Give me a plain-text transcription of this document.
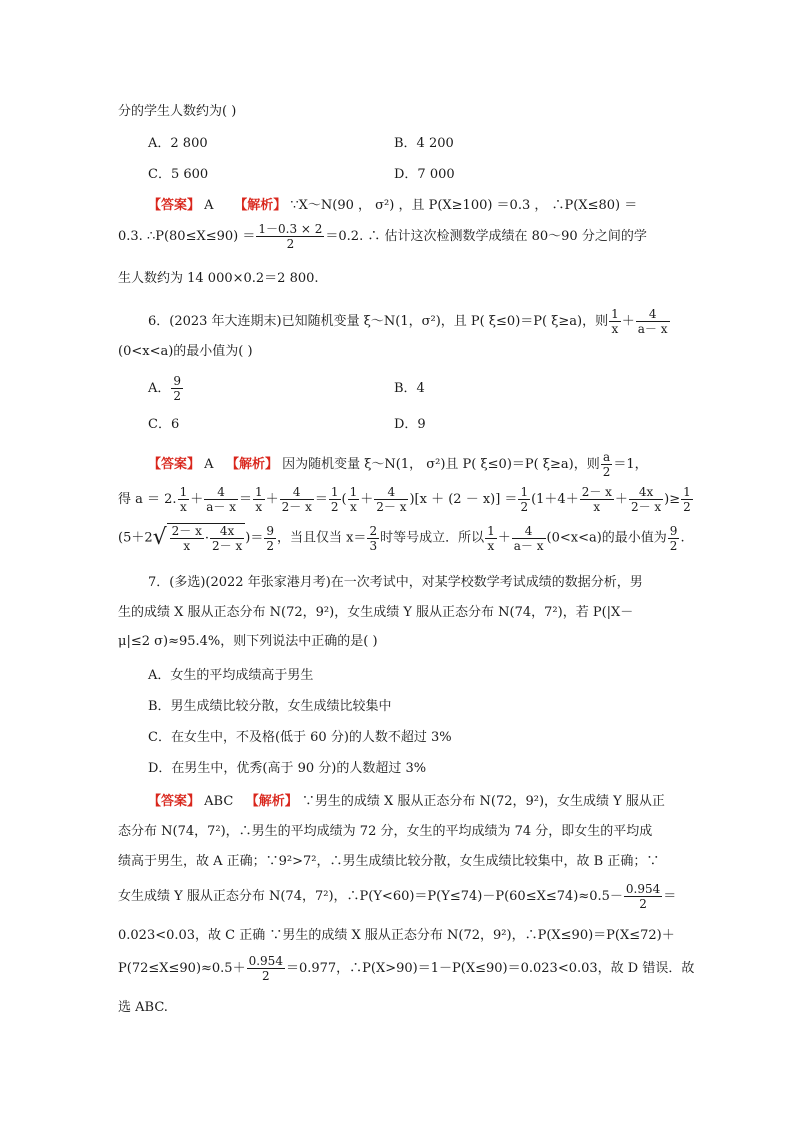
分的学生人数约为( )
A．2 800	B．4 200
C．5 600	D．7 000
【答案】 A 【解析】 ∵X～N(90 ， σ²) ，且 P(X≥100) ＝0.3 ， ∴P(X≤80) ＝
0.3. ∴P(80≤X≤90) ＝ $\frac{1-0.3 \times 2}{2} =0.2$. ∴ 估计这次检测数学成绩在 80～90 分之间的学
生人数约为 14 000×0.2＝2 800.
6．(2023 年大连期末)已知随机变量 ξ～N(1，σ²)，且 P( ξ≤0)＝P( ξ≥a)，则 $\frac{1}{x} + \frac{4}{a- x}$
(0<x<a)的最小值为( )
A． $\frac{9}{2}$	B．4
C．6	D．9
【答案】 A 【解析】 因为随机变量 ξ～N(1， σ²)且 P( ξ≤0)＝P( ξ≥a)，则 $\frac{a}{2} =1$，
得 a ＝ 2. $\frac{1}{x} + \frac{4}{a- x} = \frac{1}{x} + \frac{4}{2- x} = \frac{1}{2}$ ( $\frac{1}{x} + \frac{4}{2- x} )[x + (2 - x)] = \frac{1}{2} (1+4+ \frac{2- x}{x} + \frac{4x}{2- x}$ )≥ $\frac{1}{2}$
($5+2√ \frac{2- x}{x} \cdot \frac{4x}{2- x}$ )＝ $\frac{9}{2}$ ，当且仅当 $x= \frac{2}{3}$ 时等号成立．所以 $\frac{1}{x} + \frac{4}{a- x} (0<x<a)$的最小值为 $\frac{9}{2}$ .
7．(多选)(2022 年张家港月考)在一次考试中，对某学校数学考试成绩的数据分析，男
生的成绩 X 服从正态分布 N(72，9²)，女生成绩 Y 服从正态分布 N(74，7²)，若 P(|X－
μ|≤2 σ)≈95.4%，则下列说法中正确的是( )
A．女生的平均成绩高于男生
B．男生成绩比较分散，女生成绩比较集中
C．在女生中，不及格(低于 60 分)的人数不超过 3%
D．在男生中，优秀(高于 90 分)的人数超过 3%
【答案】 ABC 【解析】 ∵男生的成绩 X 服从正态分布 N(72，9²)，女生成绩 Y 服从正
态分布 N(74，7²)，∴男生的平均成绩为 72 分，女生的平均成绩为 74 分，即女生的平均成
绩高于男生，故 A 正确；∵9²>7²，∴男生成绩比较分散，女生成绩比较集中，故 B 正确；∵
女生成绩 Y 服从正态分布 N(74，7²)，∴P(Y<60)＝P(Y≤74)－P(60≤X≤74)≈0.5－ $\frac{0.954}{2}$ ＝
0.023<0.03，故 C 正确 ∵男生的成绩 X 服从正态分布 N(72，9²)，∴P(X≤90)＝P(X≤72)＋
$P(72\le X\le 90)\approx 0.5+ \frac{0.954}{2} =0.977$，∴P(X>90)＝1－P(X≤90)＝0.023<0.03，故 D 错误．故
选 ABC.
